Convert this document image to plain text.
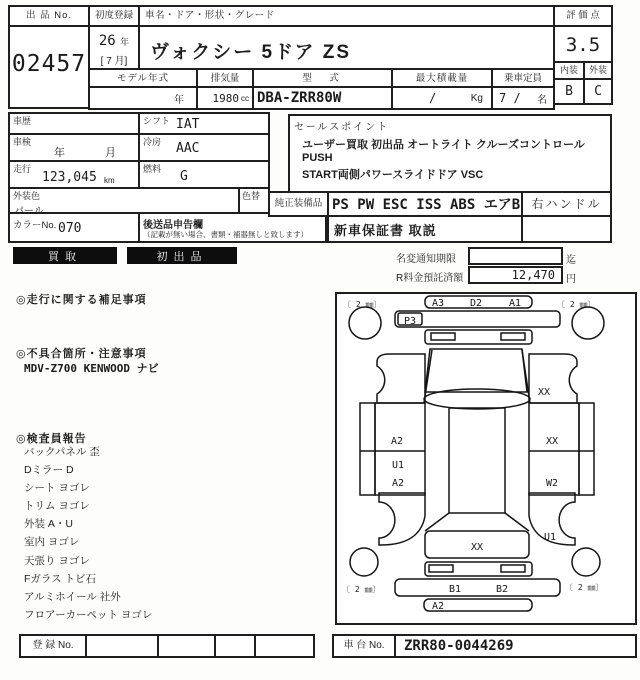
出 品 No.
02457
初度登録
26 年
[ 7 月]
車名・ドア・形状・グレード
ヴォクシー 5ドア ZS
モデル年式	排気量	型　式	最大積載量	乗車定員
年	1980 cc DBA-ZRR80W	/	Kg 7 / 名
評 価 点
3.5
内装	外装
B	C
車歴	シフト IAT
車検
年　　月
冷房 AAC
走行
123,045 km
燃料 G
外装色	色替
カラーNo. 070	後送品申告欄
（記載が無い場合、書類・補器無しと致します）
セールスポイント
ユーザー買取 初出品 オートライト クルーズコントロール PUSH
START両側パワースライドドア VSC
純正装備品 PS PW ESC ISS ABS エアB 右ハンドル
新車保証書 取説
買取	初出品	名変通知期限	迄
R料金預託済額	12,470	円
◎走行に関する補足事項
◎不具合箇所・注意事項
MDV-Z700 KENWOOD ナビ
◎検査員報告
バックパネル 歪
Dミラー D
シート ヨゴレ
トリム ヨゴレ
外装 A・U
室内 ヨゴレ
天張り ヨゴレ
Fガラス トビ石
アルミホイール 社外
フロアーカーペット ヨゴレ
〔 2 ㎜〕	〔 2 ㎜〕
〔 2 ㎜〕	〔 2 ㎜〕
A3	D2	A1
P3
XX
A2	XX
U1
A2	W2
U1
XX
B1	B2
A2
登 録 No.	車 台 No.	ZRR80-0044269
